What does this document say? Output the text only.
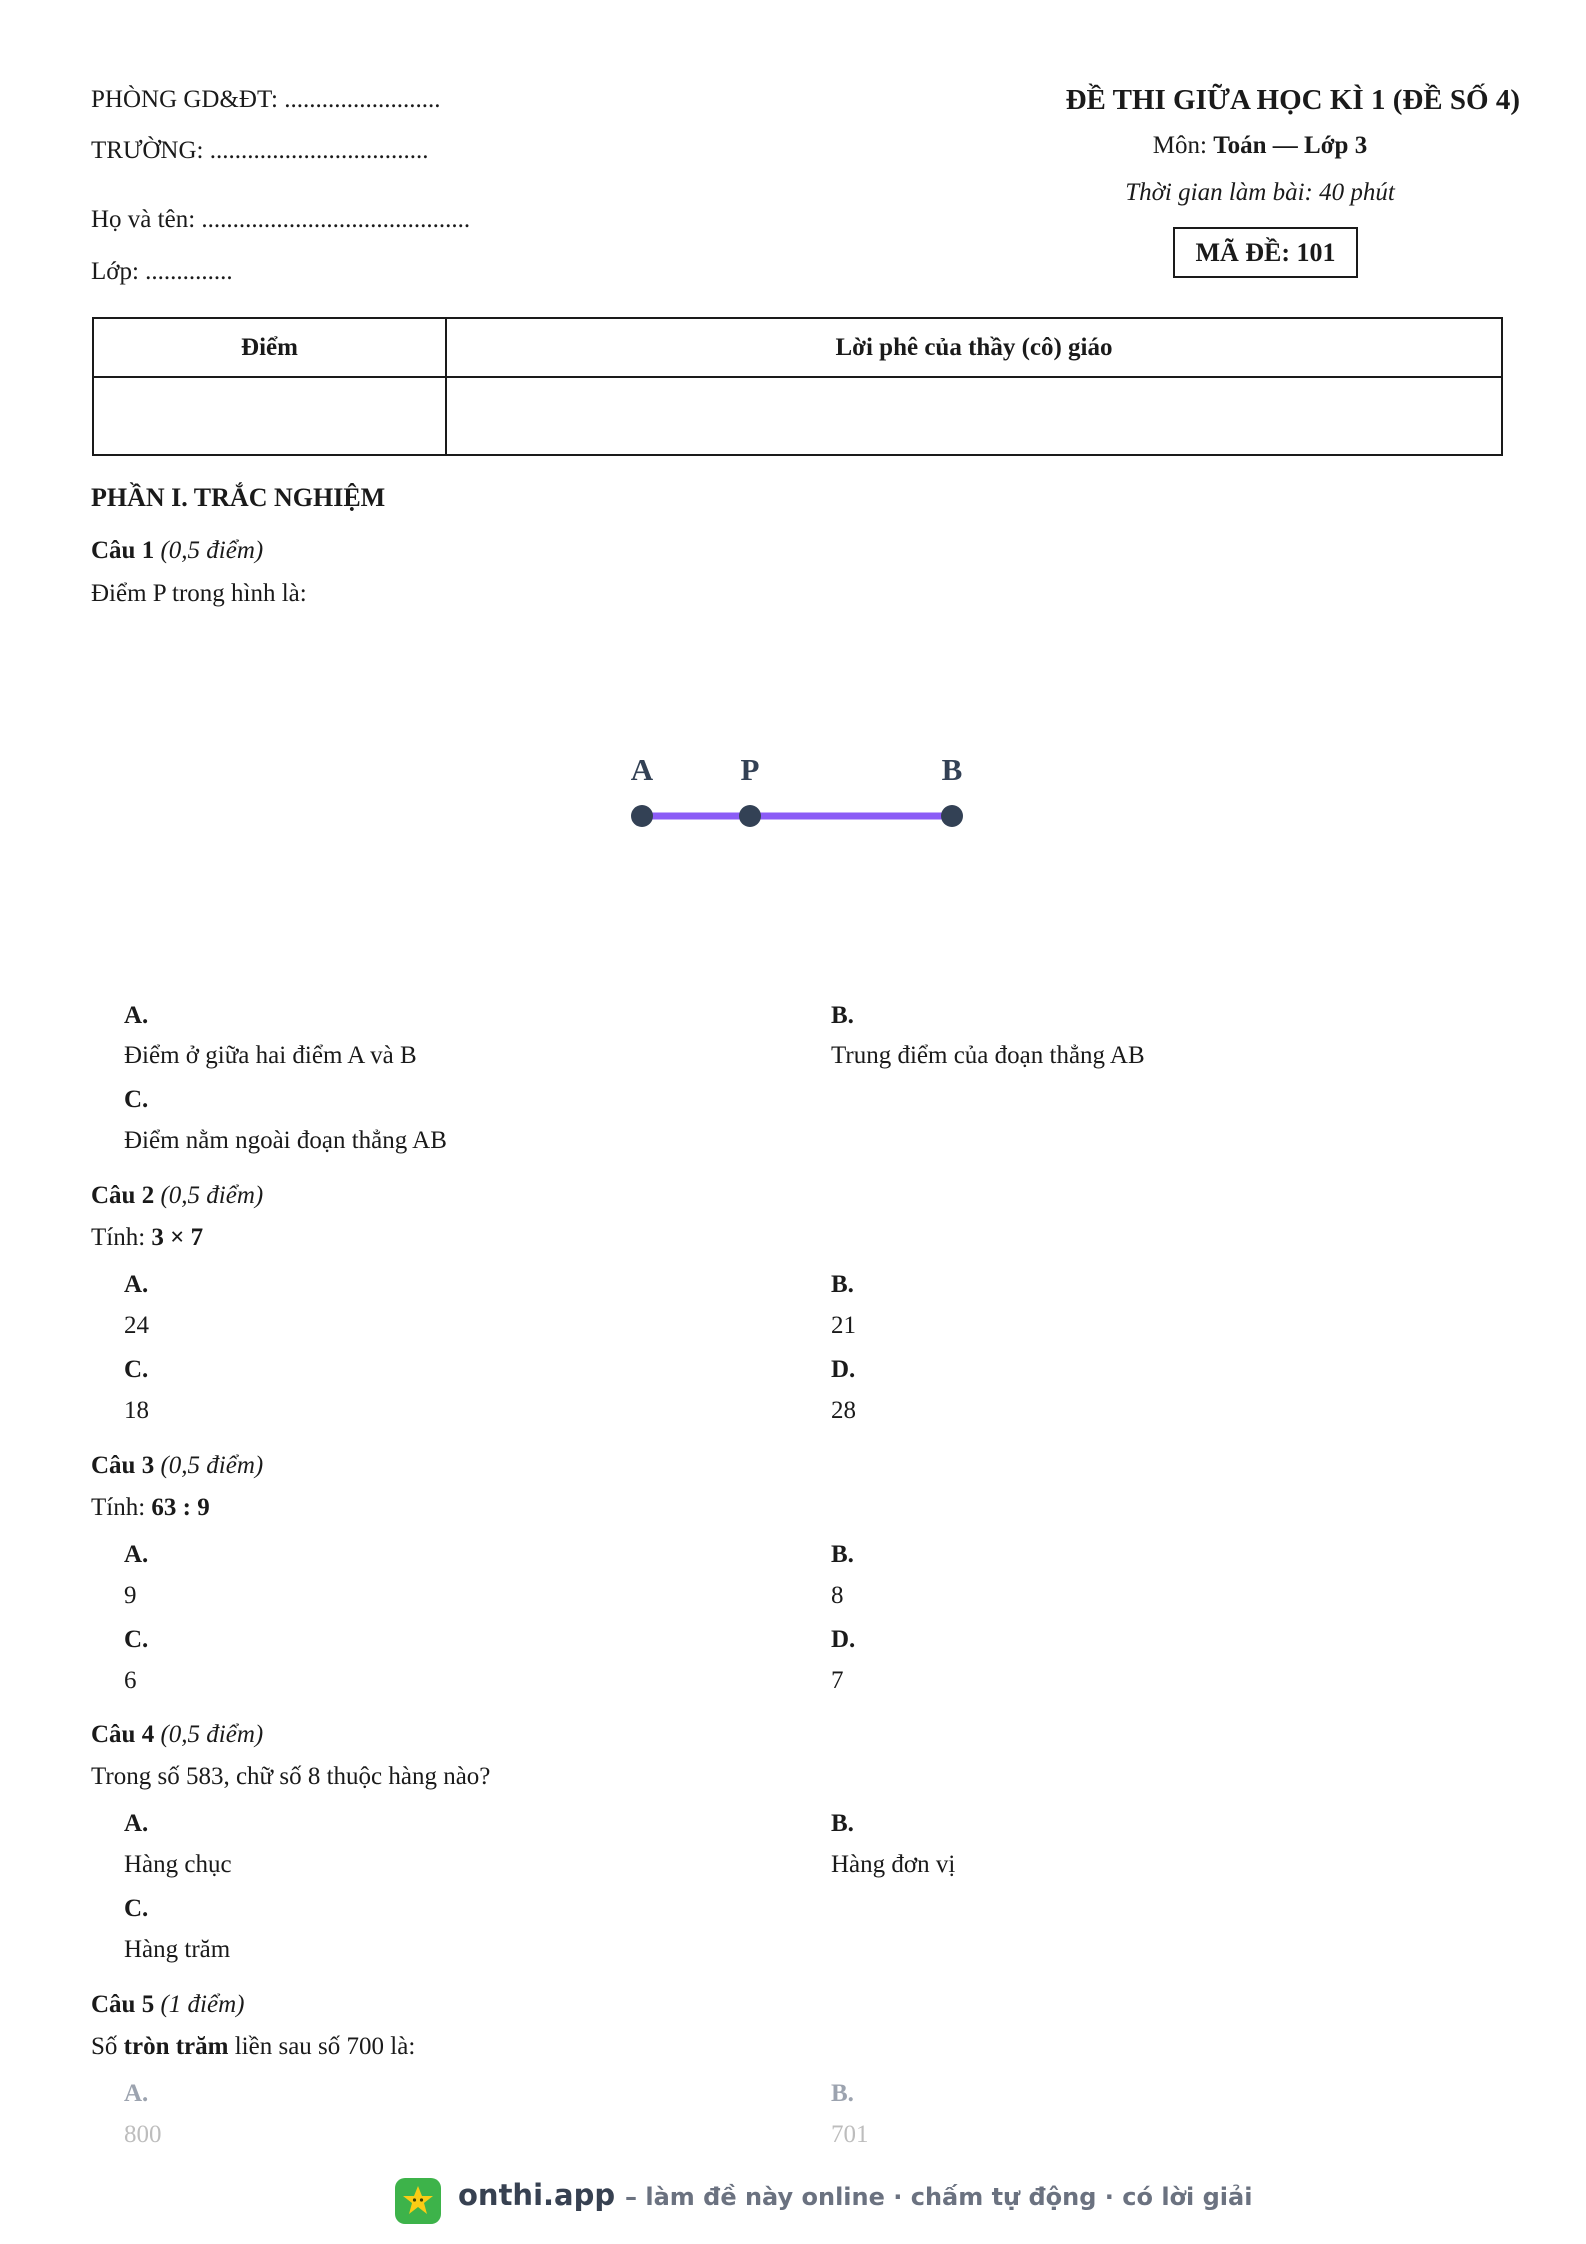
PHÒNG GD&ĐT: .........................
TRƯỜNG: ...................................
Họ và tên: ...........................................
Lớp: ..............
ĐỀ THI GIỮA HỌC KÌ 1 (ĐỀ SỐ 4)
Môn: Toán — Lớp 3
Thời gian làm bài: 40 phút
MÃ ĐỀ: 101
Điểm	Lời phê của thầy (cô) giáo

PHẦN I. TRẮC NGHIỆM
Câu 1 (0,5 điểm)
Điểm P trong hình là:
A	P	B
A.
Điểm ở giữa hai điểm A và B
B.
Trung điểm của đoạn thẳng AB
C.
Điểm nằm ngoài đoạn thẳng AB
Câu 2 (0,5 điểm)
Tính: 3 × 7
A.
24
B.
21
C.
18
D.
28
Câu 3 (0,5 điểm)
Tính: 63 : 9
A.
9
B.
8
C.
6
D.
7
Câu 4 (0,5 điểm)
Trong số 583, chữ số 8 thuộc hàng nào?
A.
Hàng chục
B.
Hàng đơn vị
C.
Hàng trăm
Câu 5 (1 điểm)
Số tròn trăm liền sau số 700 là:
A.
800
B.
701
onthi.app – làm đề này online · chấm tự động · có lời giải
